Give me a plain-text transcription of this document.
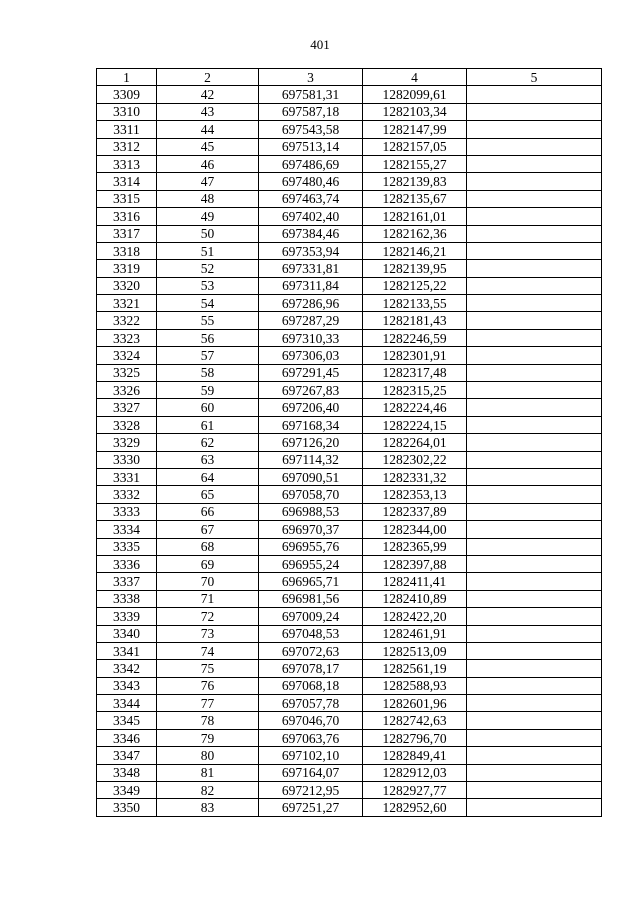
401
1	2	3	4	5
3309	42	697581,31	1282099,61	
3310	43	697587,18	1282103,34	
3311	44	697543,58	1282147,99	
3312	45	697513,14	1282157,05	
3313	46	697486,69	1282155,27	
3314	47	697480,46	1282139,83	
3315	48	697463,74	1282135,67	
3316	49	697402,40	1282161,01	
3317	50	697384,46	1282162,36	
3318	51	697353,94	1282146,21	
3319	52	697331,81	1282139,95	
3320	53	697311,84	1282125,22	
3321	54	697286,96	1282133,55	
3322	55	697287,29	1282181,43	
3323	56	697310,33	1282246,59	
3324	57	697306,03	1282301,91	
3325	58	697291,45	1282317,48	
3326	59	697267,83	1282315,25	
3327	60	697206,40	1282224,46	
3328	61	697168,34	1282224,15	
3329	62	697126,20	1282264,01	
3330	63	697114,32	1282302,22	
3331	64	697090,51	1282331,32	
3332	65	697058,70	1282353,13	
3333	66	696988,53	1282337,89	
3334	67	696970,37	1282344,00	
3335	68	696955,76	1282365,99	
3336	69	696955,24	1282397,88	
3337	70	696965,71	1282411,41	
3338	71	696981,56	1282410,89	
3339	72	697009,24	1282422,20	
3340	73	697048,53	1282461,91	
3341	74	697072,63	1282513,09	
3342	75	697078,17	1282561,19	
3343	76	697068,18	1282588,93	
3344	77	697057,78	1282601,96	
3345	78	697046,70	1282742,63	
3346	79	697063,76	1282796,70	
3347	80	697102,10	1282849,41	
3348	81	697164,07	1282912,03	
3349	82	697212,95	1282927,77	
3350	83	697251,27	1282952,60	
